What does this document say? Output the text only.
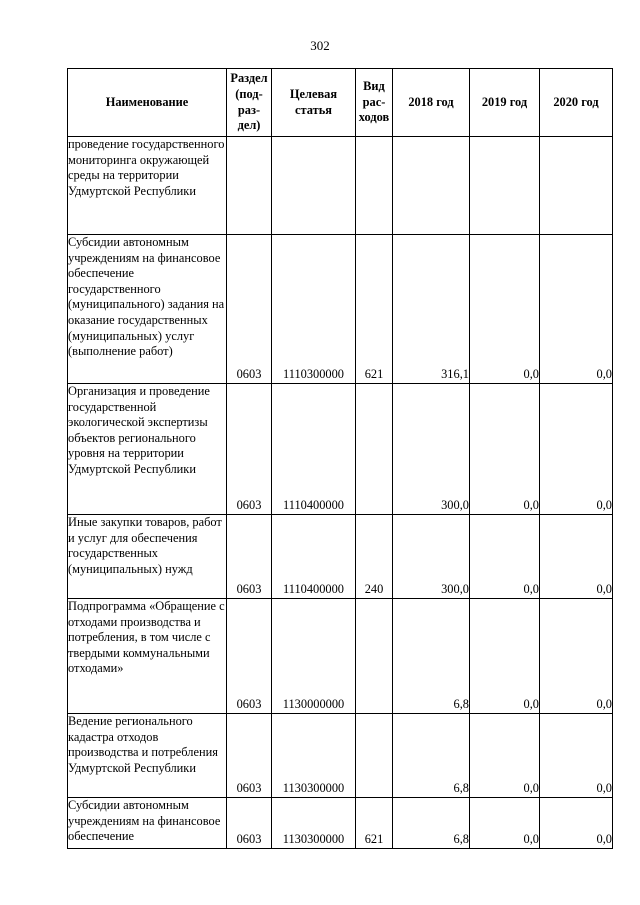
302
Наименование	Раздел (под-раз-дел)	Целевая статья	Вид рас-ходов	2018 год	2019 год	2020 год
проведение государственного мониторинга окружающей среды на территории Удмуртской Республики						
Субсидии автономным учреждениям на финансовое обеспечение государственного (муниципального) задания на оказание государственных (муниципальных) услуг (выполнение работ)	0603	1110300000	621	316,1	0,0	0,0
Организация и проведение государственной экологической экспертизы объектов регионального уровня на территории Удмуртской Республики	0603	1110400000		300,0	0,0	0,0
Иные закупки товаров, работ и услуг для обеспечения государственных (муниципальных) нужд	0603	1110400000	240	300,0	0,0	0,0
Подпрограмма «Обращение с отходами производства и потребления, в том числе с твердыми коммунальными отходами»	0603	1130000000		6,8	0,0	0,0
Ведение регионального кадастра отходов производства и потребления Удмуртской Республики	0603	1130300000		6,8	0,0	0,0
Субсидии автономным учреждениям на финансовое обеспечение	0603	1130300000	621	6,8	0,0	0,0
